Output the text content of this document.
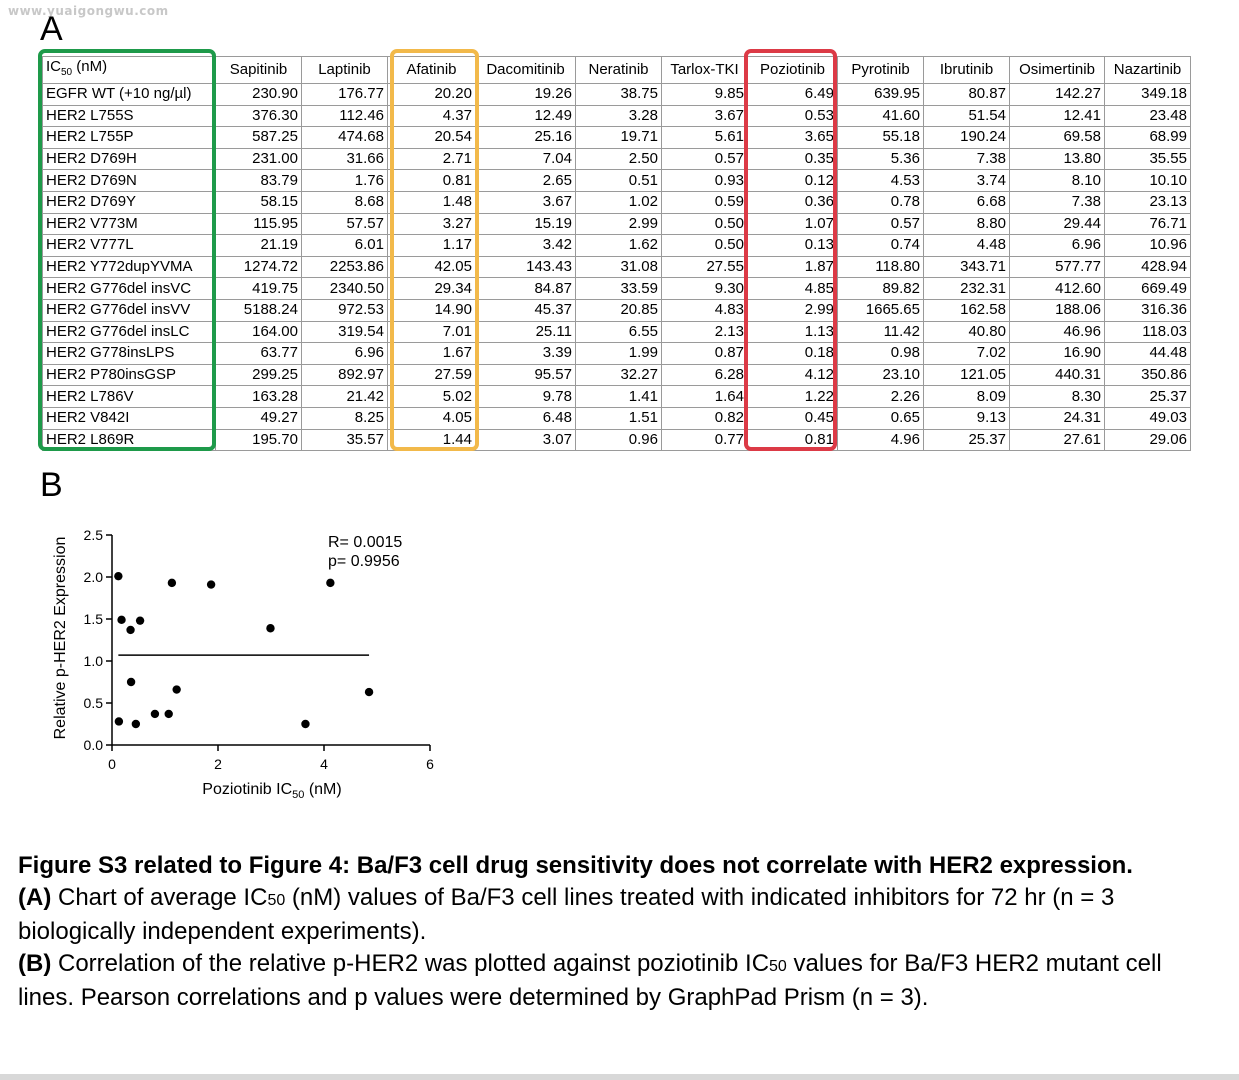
www.yuaigongwu.com
A
$IC_{50}$ (nM)	Sapitinib	Laptinib	Afatinib	Dacomitinib	Neratinib	Tarlox-TKI	Poziotinib	Pyrotinib	Ibrutinib	Osimertinib	Nazartinib
EGFR WT (+10 ng/µl)	230.90	176.77	20.20	19.26	38.75	9.85	6.49	639.95	80.87	142.27	349.18
HER2 L755S	376.30	112.46	4.37	12.49	3.28	3.67	0.53	41.60	51.54	12.41	23.48
HER2 L755P	587.25	474.68	20.54	25.16	19.71	5.61	3.65	55.18	190.24	69.58	68.99
HER2 D769H	231.00	31.66	2.71	7.04	2.50	0.57	0.35	5.36	7.38	13.80	35.55
HER2 D769N	83.79	1.76	0.81	2.65	0.51	0.93	0.12	4.53	3.74	8.10	10.10
HER2 D769Y	58.15	8.68	1.48	3.67	1.02	0.59	0.36	0.78	6.68	7.38	23.13
HER2 V773M	115.95	57.57	3.27	15.19	2.99	0.50	1.07	0.57	8.80	29.44	76.71
HER2 V777L	21.19	6.01	1.17	3.42	1.62	0.50	0.13	0.74	4.48	6.96	10.96
HER2 Y772dupYVMA	1274.72	2253.86	42.05	143.43	31.08	27.55	1.87	118.80	343.71	577.77	428.94
HER2 G776del insVC	419.75	2340.50	29.34	84.87	33.59	9.30	4.85	89.82	232.31	412.60	669.49
HER2 G776del insVV	5188.24	972.53	14.90	45.37	20.85	4.83	2.99	1665.65	162.58	188.06	316.36
HER2 G776del insLC	164.00	319.54	7.01	25.11	6.55	2.13	1.13	11.42	40.80	46.96	118.03
HER2 G778insLPS	63.77	6.96	1.67	3.39	1.99	0.87	0.18	0.98	7.02	16.90	44.48
HER2 P780insGSP	299.25	892.97	27.59	95.57	32.27	6.28	4.12	23.10	121.05	440.31	350.86
HER2 L786V	163.28	21.42	5.02	9.78	1.41	1.64	1.22	2.26	8.09	8.30	25.37
HER2 V842I	49.27	8.25	4.05	6.48	1.51	0.82	0.45	0.65	9.13	24.31	49.03
HER2 L869R	195.70	35.57	1.44	3.07	0.96	0.77	0.81	4.96	25.37	27.61	29.06
B
0.0
0.5
1.0
1.5
2.0
2.5
0	2	4	6
R= 0.0015
p= 0.9956
Poziotinib $IC_{50}$ (nM)
Relative p-HER2 Expression

Figure S3 related to Figure 4: Ba/F3 cell drug sensitivity does not correlate with HER2 expression.

(A) Chart of average IC50 (nM) values of Ba/F3 cell lines treated with indicated inhibitors for 72 hr (n = 3 biologically independent experiments).

(B) Correlation of the relative p-HER2 was plotted against poziotinib IC50 values for Ba/F3 HER2 mutant cell lines. Pearson correlations and p values were determined by GraphPad Prism (n = 3).
